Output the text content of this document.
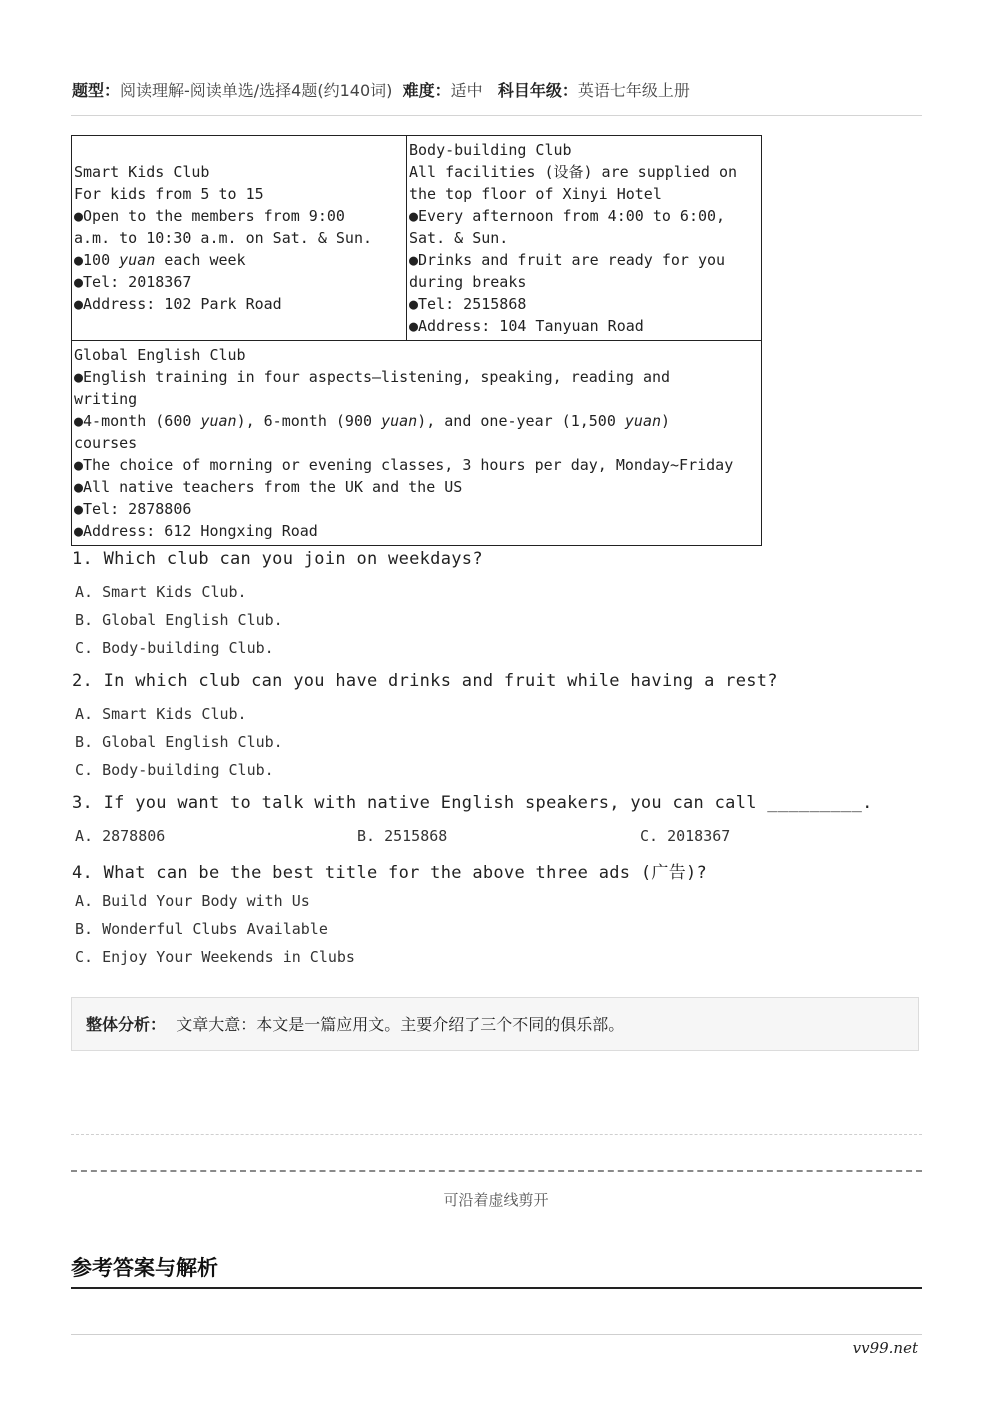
题型：阅读理解-阅读单选/选择4题(约140词) 难度：适中 科目年级：英语七年级上册
Smart Kids Club
For kids from 5 to 15
●Open to the members from 9:00
a.m. to 10:30 a.m. on Sat. & Sun.
●100 yuan each week
●Tel: 2018367
●Address: 102 Park Road

Body-building Club
All facilities (设备) are supplied on
the top floor of Xinyi Hotel
●Every afternoon from 4:00 to 6:00,
Sat. & Sun.
●Drinks and fruit are ready for you
during breaks
●Tel: 2515868
●Address: 104 Tanyuan Road

Global English Club
●English training in four aspects—listening, speaking, reading and
writing
●4-month (600 yuan), 6-month (900 yuan), and one-year (1,500 yuan)
courses
●The choice of morning or evening classes, 3 hours per day, Monday~Friday
●All native teachers from the UK and the US
●Tel: 2878806
●Address: 612 Hongxing Road
1. Which club can you join on weekdays?
A. Smart Kids Club.
B. Global English Club.
C. Body-building Club.
2. In which club can you have drinks and fruit while having a rest?
A. Smart Kids Club.
B. Global English Club.
C. Body-building Club.
3. If you want to talk with native English speakers, you can call _________.
A. 2878806	B. 2515868	C. 2018367
4. What can be the best title for the above three ads (广告)?
A. Build Your Body with Us
B. Wonderful Clubs Available
C. Enjoy Your Weekends in Clubs
整体分析： 文章大意：本文是一篇应用文。主要介绍了三个不同的俱乐部。
可沿着虚线剪开
参考答案与解析
vv99.net
